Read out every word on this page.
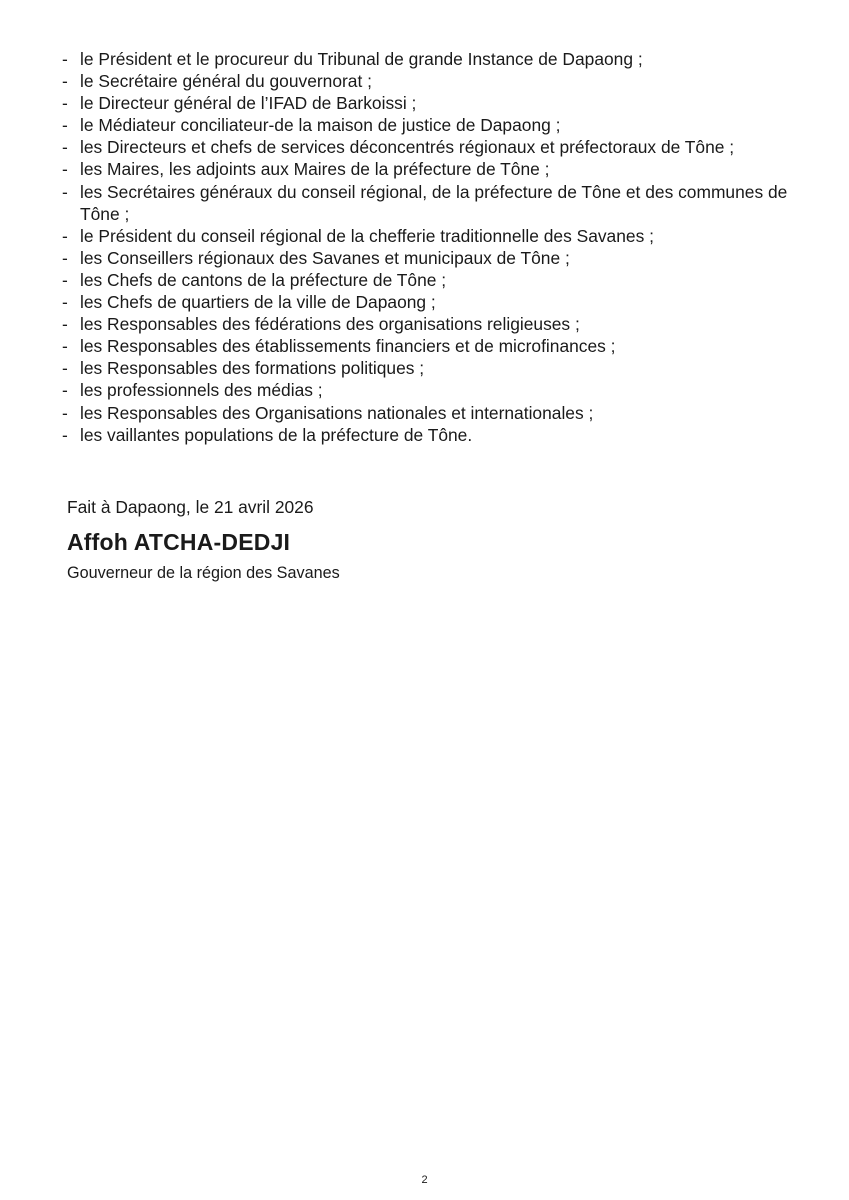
- le Président et le procureur du Tribunal de grande Instance de Dapaong ;
- le Secrétaire général du gouvernorat ;
- le Directeur général de l’IFAD de Barkoissi ;
- le Médiateur conciliateur-de la maison de justice de Dapaong ;
- les Directeurs et chefs de services déconcentrés régionaux et préfectoraux de Tône ;
- les Maires, les adjoints aux Maires de la préfecture de Tône ;
- les Secrétaires généraux du conseil régional, de la préfecture de Tône et des communes de Tône ;
- le Président du conseil régional de la chefferie traditionnelle des Savanes ;
- les Conseillers régionaux des Savanes et municipaux de Tône ;
- les Chefs de cantons de la préfecture de Tône ;
- les Chefs de quartiers de la ville de Dapaong ;
- les Responsables des fédérations des organisations religieuses ;
- les Responsables des établissements financiers et de microfinances ;
- les Responsables des formations politiques ;
- les professionnels des médias ;
- les Responsables des Organisations nationales et internationales ;
- les vaillantes populations de la préfecture de Tône.

Fait à Dapaong, le 21 avril 2026

Affoh ATCHA-DEDJI

Gouverneur de la région des Savanes

2
